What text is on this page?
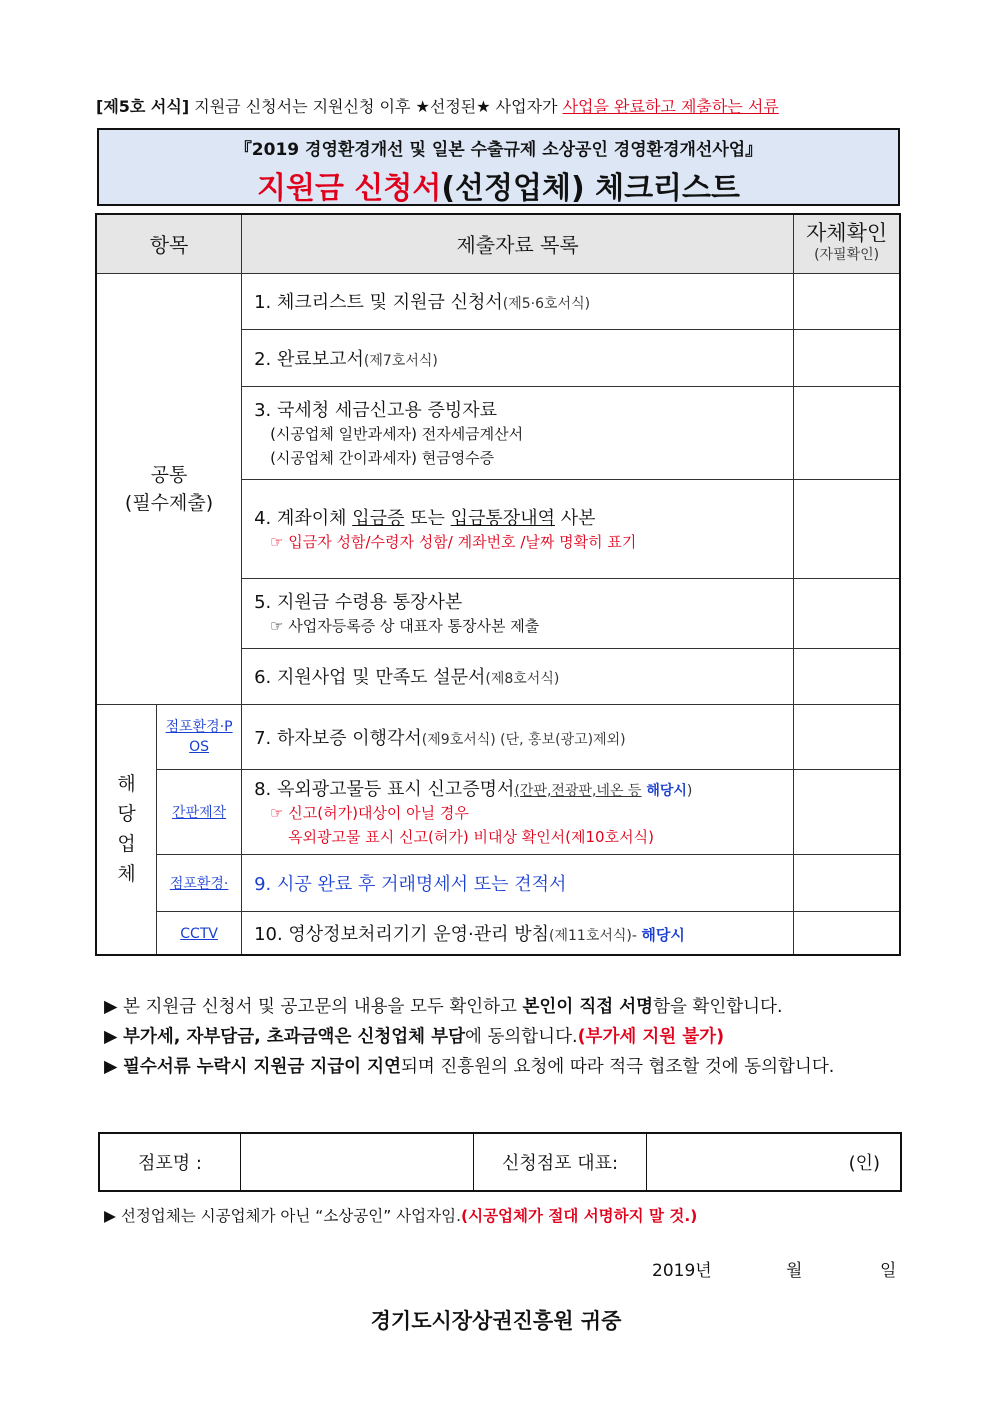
[제5호 서식] 지원금 신청서는 지원신청 이후 ★선정된★ 사업자가 사업을 완료하고 제출하는 서류
『2019 경영환경개선 및 일본 수출규제 소상공인 경영환경개선사업』
지원금 신청서(선정업체) 체크리스트
항목		제출자료 목록	자체확인
(자필확인)

공통
(필수제출)		1. 체크리스트 및 지원금 신청서(제5·6호서식)	
		2. 완료보고서(제7호서식)	

		3. 국세청 세금신고용 증빙자료
(시공업체 일반과세자) 전자세금계산서
(시공업체 간이과세자) 현금영수증	

		4. 계좌이체 입금증 또는 입금통장내역 사본
☞ 입금자 성함/수령자 성함/ 계좌번호 /날짜 명확히 표기	

		5. 지원금 수령용 통장사본
☞ 사업자등록증 상 대표자 통장사본 제출	

		6. 지원사업 및 만족도 설문서(제8호서식)	

해
당
업
체	점포환경·POS	7. 하자보증 이행각서(제9호서식) (단, 홍보(광고)제외)	
	간판제작	8. 옥외광고물등 표시 신고증명서(간판,전광판,네온 등 해당시)
☞ 신고(허가)대상이 아닐 경우
옥외광고물 표시 신고(허가) 비대상 확인서(제10호서식)	

	점포환경·	9. 시공 완료 후 거래명세서 또는 견적서	
	CCTV	10. 영상정보처리기기 운영·관리 방침(제11호서식)- 해당시	
▶ 본 지원금 신청서 및 공고문의 내용을 모두 확인하고 본인이 직접 서명함을 확인합니다.
▶ 부가세, 자부담금, 초과금액은 신청업체 부담에 동의합니다.(부가세 지원 불가)
▶ 필수서류 누락시 지원금 지급이 지연되며 진흥원의 요청에 따라 적극 협조할 것에 동의합니다.
점포명 :		신청점포 대표:	(인)
▶ 선정업체는 시공업체가 아닌 “소상공인” 사업자임.(시공업체가 절대 서명하지 말 것.)
2019년	월	일
경기도시장상권진흥원 귀중
